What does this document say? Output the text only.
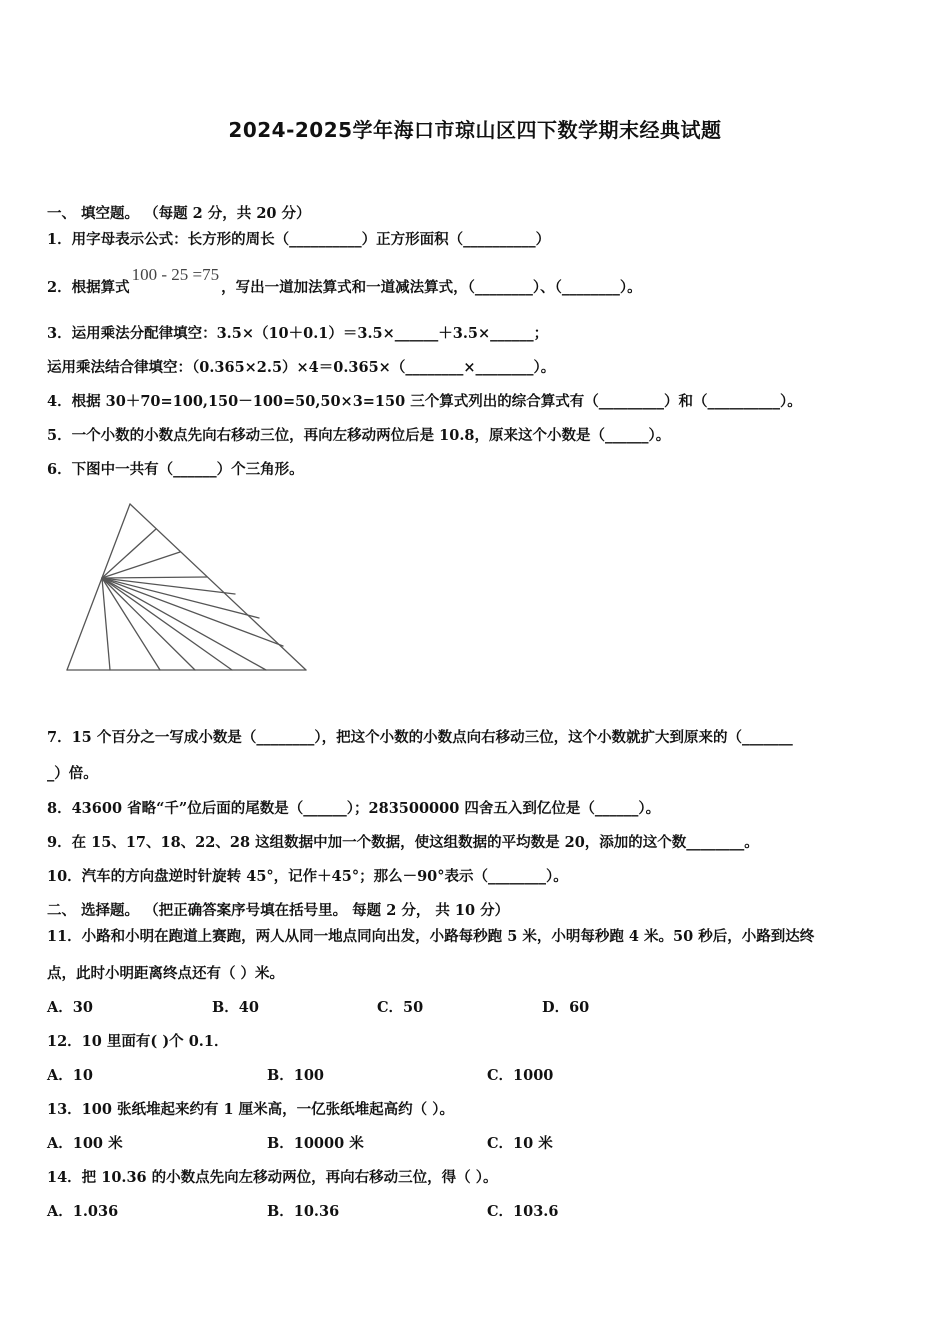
2024-2025学年海口市琼山区四下数学期末经典试题
一、 填空题。 （每题 2 分，共 20 分）
1．用字母表示公式：长方形的周长（__________）正方形面积（__________）
2．根据算式100 - 25 =75，写出一道加法算式和一道减法算式，（________）、（________）。
3．运用乘法分配律填空：3.5×（10＋0.1）＝3.5×______＋3.5×______；
运用乘法结合律填空：（0.365×2.5）×4＝0.365×（________×________）。
4．根据 30＋70=100,150－100=50,50×3=150 三个算式列出的综合算式有（_________）和（__________）。
5．一个小数的小数点先向右移动三位，再向左移动两位后是 10.8，原来这个小数是（______）。
6．下图中一共有（______）个三角形。
7．15 个百分之一写成小数是（________），把这个小数的小数点向右移动三位，这个小数就扩大到原来的（_______
_）倍。
8．43600 省略“千”位后面的尾数是（______）；283500000 四舍五入到亿位是（______）。
9．在 15、17、18、22、28 这组数据中加一个数据，使这组数据的平均数是 20，添加的这个数________。
10．汽车的方向盘逆时针旋转 45°，记作＋45°；那么－90°表示（________）。
二、 选择题。 （把正确答案序号填在括号里。 每题 2 分， 共 10 分）
11．小路和小明在跑道上赛跑，两人从同一地点同向出发，小路每秒跑 5 米，小明每秒跑 4 米。50 秒后，小路到达终
点，此时小明距离终点还有（ ）米。
A．30	B．40	C．50	D．60
12．10 里面有( )个 0.1．
A．10	B．100	C．1000
13．100 张纸堆起来约有 1 厘米高，一亿张纸堆起高约（ ）。
A．100 米	B．10000 米	C．10 米
14．把 10.36 的小数点先向左移动两位，再向右移动三位，得（ ）。
A．1.036	B．10.36	C．103.6
